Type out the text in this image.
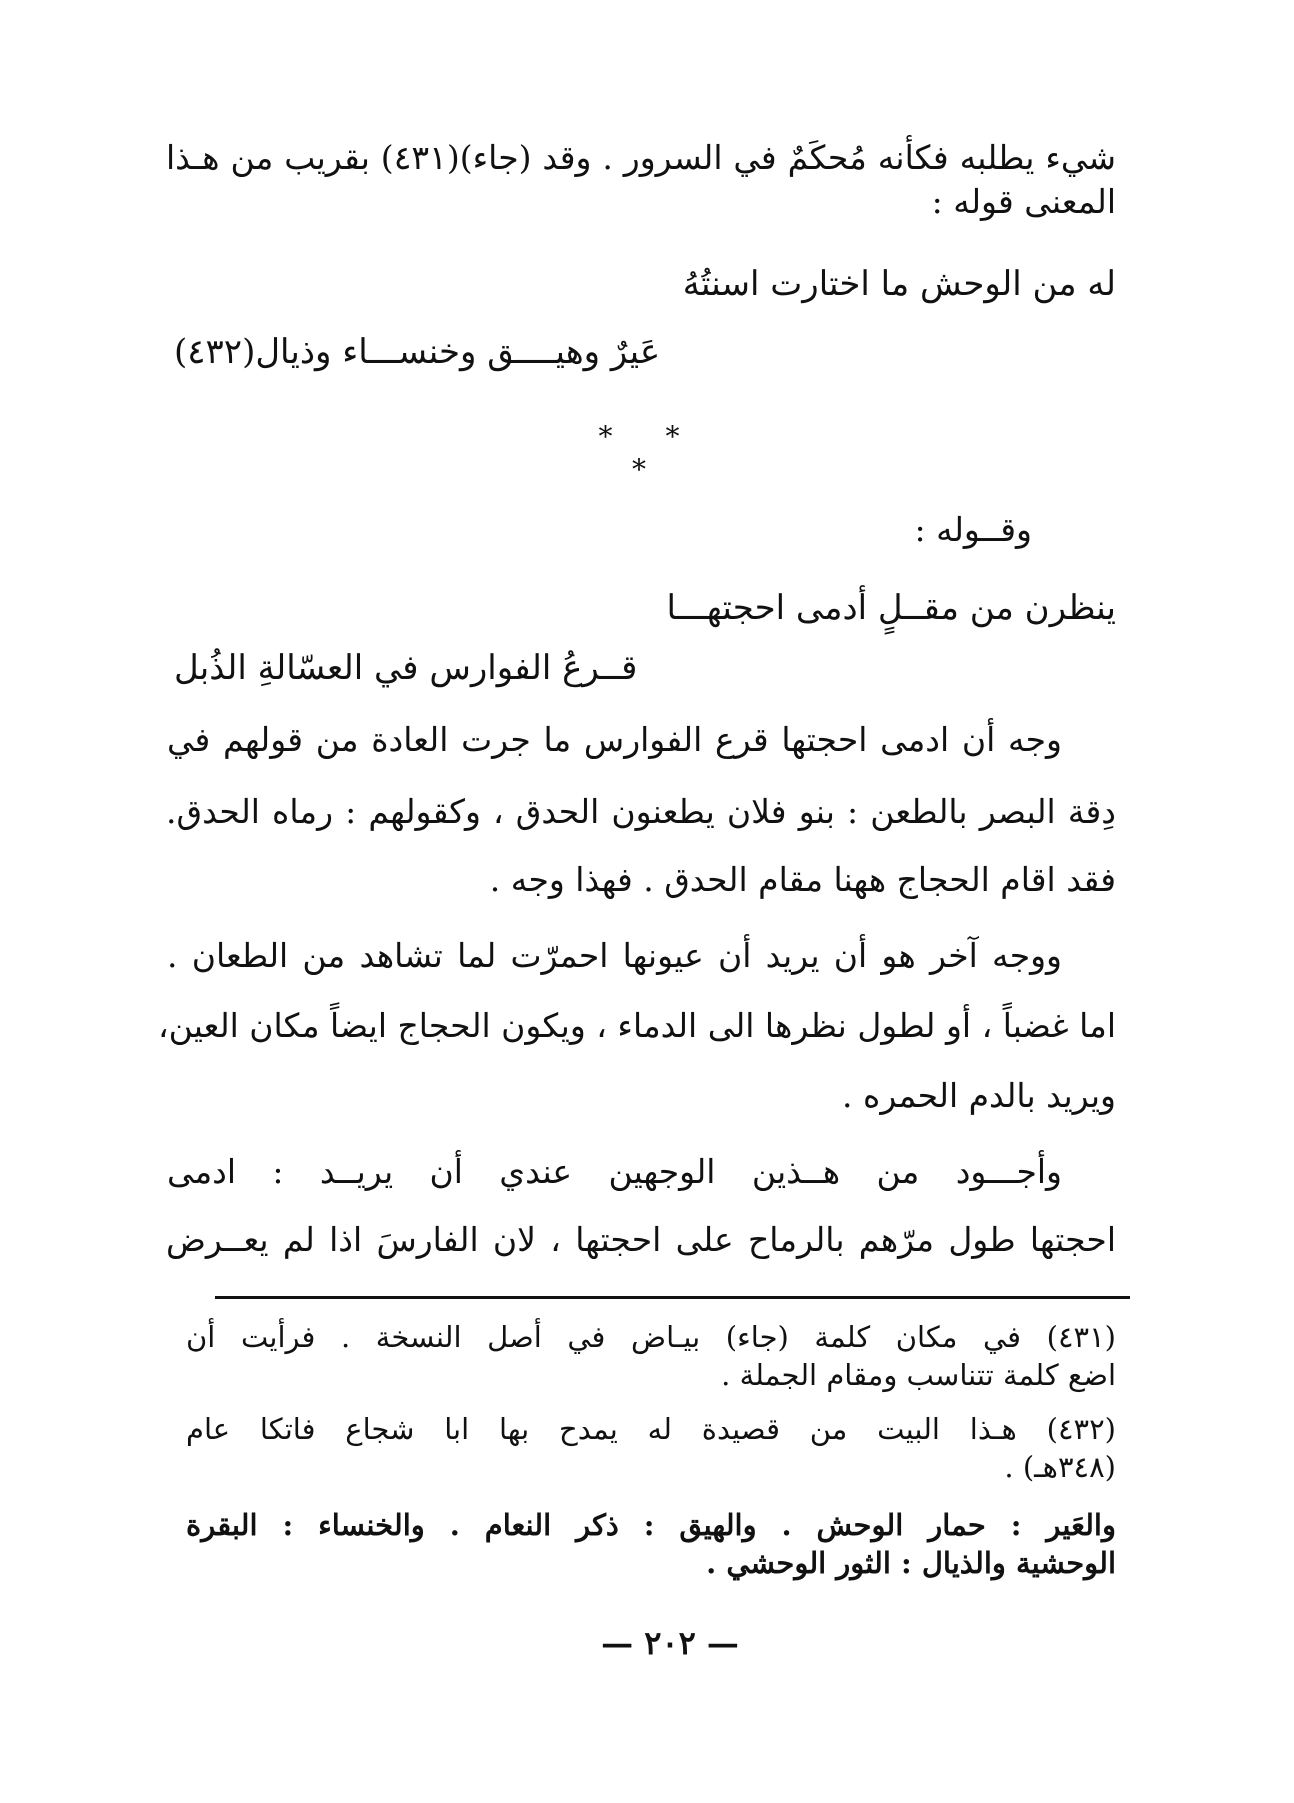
شيء يطلبه فكأنه مُحكَمٌ في السرور . وقد (جاء)(٤٣١) بقريب من هـذا

المعنى قوله :

له من الوحش ما اختارت اسنتُهُ

عَيرٌ وهيــــق وخنســـاء وذيال(٤٣٢)

* * *

وقــوله :

ينظرن من مقــلٍ أدمى احجتهـــا

قــرعُ الفوارس في العسّالةِ الذُبل

وجه أن ادمى احجتها قرع الفوارس ما جرت العادة من قولهم في

دِقة البصر بالطعن : بنو فلان يطعنون الحدق ، وكقولهم : رماه الحدق.

فقد اقام الحجاج ههنا مقام الحدق . فهذا وجه .

ووجه آخر هو أن يريد أن عيونها احمرّت لما تشاهد من الطعان .

اما غضباً ، أو لطول نظرها الى الدماء ، ويكون الحجاج ايضاً مكان العين،

ويريد بالدم الحمره .

وأجـــود من هــذين الوجهين عندي أن يريــد : ادمى

احجتها طول مرّهم بالرماح على احجتها ، لان الفارسَ اذا لم يعــرض

(٤٣١) في مكان كلمة (جاء) بيـاض في أصل النسخة . فرأيت أن

اضع كلمة تتناسب ومقام الجملة .

(٤٣٢) هـذا البيت من قصيدة له يمدح بها ابا شجاع فاتكا عام

(٣٤٨هـ) .

والعَير : حمار الوحش . والهيق : ذكر النعام . والخنساء : البقرة

الوحشية والذيال : الثور الوحشي .

— ٢٠٢ —
